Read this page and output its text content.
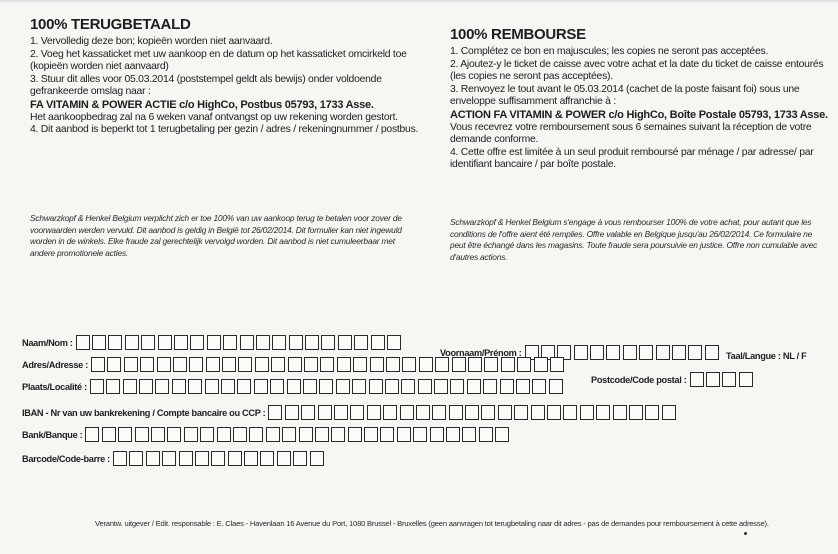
100% TERUGBETAALD

1. Vervolledig deze bon; kopieën worden niet aanvaard.

2. Voeg het kassaticket met uw aankoop en de datum op het kassaticket omcirkeld toe (kopieën worden niet aanvaard)

3. Stuur dit alles voor 05.03.2014 (poststempel geldt als bewijs) onder voldoende gefrankeerde omslag naar :

FA VITAMIN & POWER ACTIE c/o HighCo, Postbus 05793, 1733 Asse.

Het aankoopbedrag zal na 6 weken vanaf ontvangst op uw rekening worden gestort.

4. Dit aanbod is beperkt tot 1 terugbetaling per gezin / adres / rekeningnummer / postbus.

100% REMBOURSE

1. Complétez ce bon en majuscules; les copies ne seront pas acceptées.

2. Ajoutez-y le ticket de caisse avec votre achat et la date du ticket de caisse entourés (les copies ne seront pas acceptées).

3. Renvoyez le tout avant le 05.03.2014 (cachet de la poste faisant foi) sous une enveloppe suffisamment affranchie à :

ACTION FA VITAMIN & POWER c/o HighCo, Boîte Postale 05793, 1733 Asse.

Vous recevrez votre remboursement sous 6 semaines suivant la réception de votre demande conforme.

4. Cette offre est limitée à un seul produit remboursé par ménage / par adresse/ par identifiant bancaire / par boîte postale.

Schwarzkopf & Henkel Belgium verplicht zich er toe 100% van uw aankoop terug te betalen voor zover de voorwaarden werden vervuld. Dit aanbod is geldig in België tot 26/02/2014. Dit formulier kan niet ingewuld worden in de winkels. Elke fraude zal gerechtelijk vervolgd worden. Dit aanbod is niet cumuleerbaar met andere promotionele acties.
Schwarzkopf & Henkel Belgium s'engage à vous rembourser 100% de votre achat, pour autant que les conditions de l'offre aient été remplies. Offre valable en Belgique jusqu'au 26/02/2014. Ce formulaire ne peut être échangé dans les magasins. Toute fraude sera poursuivie en justice. Offre non cumulable avec d'autres actions.
Naam/Nom :
Voornaam/Prénom :	Taal/Langue : NL / F
Adres/Adresse :
Plaats/Localité :
Postcode/Code postal :
IBAN - Nr van uw bankrekening / Compte bancaire ou CCP :
Bank/Banque :
Barcode/Code-barre :
Verantw. uitgever / Edit. responsable : E. Claes - Havenlaan 16 Avenue du Port, 1080 Brussel - Bruxelles (geen aanvragen tot terugbetaling naar dit adres - pas de demandes pour remboursement à cette adresse).
